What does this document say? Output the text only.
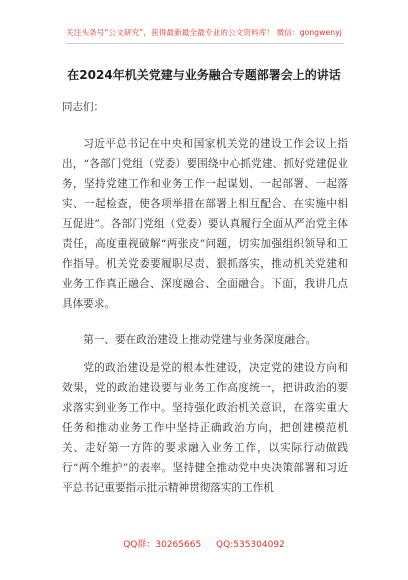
关注头条号“公文研究”，获得最新最全最专业的公文资料库！ 微信：gongwenyj
在2024年机关党建与业务融合专题部署会上的讲话
同志们：

习近平总书记在中央和国家机关党的建设工作会议上指出，“各部门党组（党委）要围绕中心抓党建、抓好党建促业务，坚持党建工作和业务工作一起谋划、一起部署、一起落实、一起检查，使各项举措在部署上相互配合、在实施中相互促进”。各部门党组（党委）要认真履行全面从严治党主体责任，高度重视破解“两张皮”问题，切实加强组织领导和工作指导。机关党委要履职尽责、狠抓落实，推动机关党建和业务工作真正融合、深度融合、全面融合。下面，我讲几点具体要求。

第一、要在政治建设上推动党建与业务深度融合。

党的政治建设是党的根本性建设，决定党的建设方向和效果，党的政治建设要与业务工作高度统一，把讲政治的要求落实到业务工作中。坚持强化政治机关意识，在落实重大任务和推动业务工作中坚持正确政治方向，把创建模范机关、走好第一方阵的要求融入业务工作，以实际行动做践行“两个维护”的表率。坚持健全推动党中央决策部署和习近平总书记重要指示批示精神贯彻落实的工作机

QQ群：30265665 QQ:535304092
